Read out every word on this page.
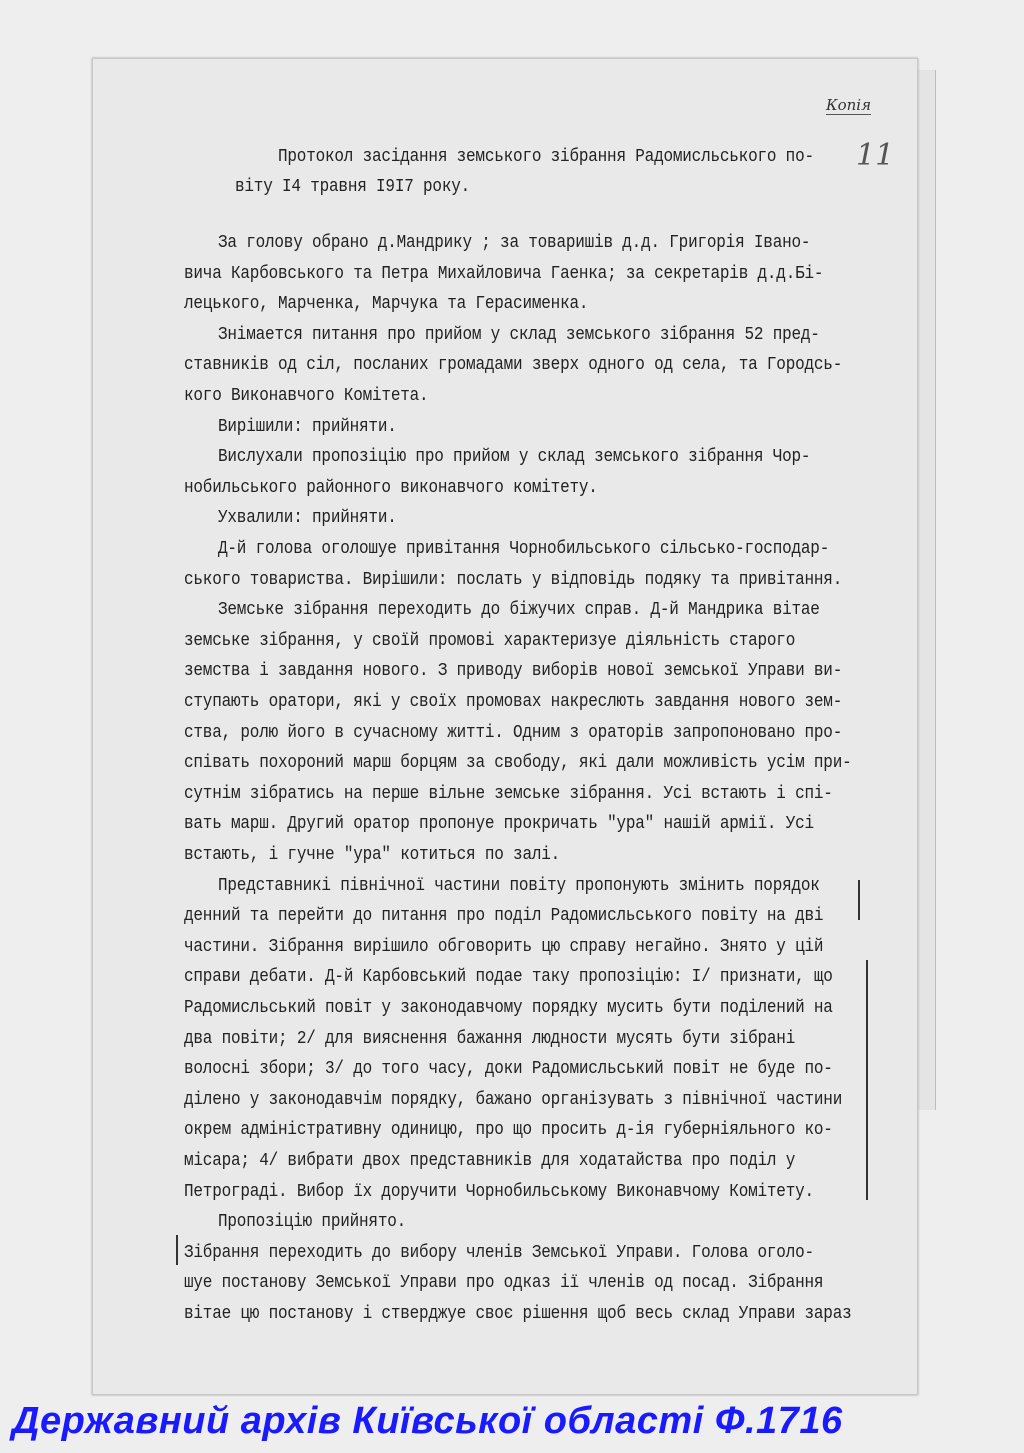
Копія
11
Протокол засідання земського зібрання Радомисльського по-
віту I4 травня I9I7 року.
За голову обрано д.Мандрику ; за товаришів д.д. Григорія Івано-
вича Карбовського та Петра Михайловича Гаенка; за секретарів д.д.Бі-
лецького, Марченка, Марчука та Герасименка.
Знімается питання про прийом у склад земського зібрання 52 пред-
ставників од сіл, посланих громадами зверх одного од села, та Городсь-
кого Виконавчого Комітета.
Вирішили: прийняти.
Вислухали пропозіцію про прийом у склад земського зібрання Чор-
нобильського районного виконавчого комітету.
Ухвалили: прийняти.
Д-й голова оголошуе привітання Чорнобильського сільсько-господар-
ського товариства. Вирішили: послать у відповідь подяку та привітання.
Земське зібрання переходить до біжучих справ. Д-й Мандрика вітае
земське зібрання, у своїй промові характеризуе діяльність старого
земства і завдання нового. З приводу виборів нової земської Управи ви-
ступають оратори, які у своїх промовах накреслють завдання нового зем-
ства, ролю його в сучасному житті. Одним з ораторів запропоновано про-
співать похороний марш борцям за свободу, які дали можливість усім при-
сутнім зібратись на перше вільне земське зібрання. Усі встають і спі-
вать марш. Другий оратор пропонуе прокричать "ура" нашій армії. Усі
встають, і гучне "ура" котиться по залі.
Представникі північної частини повіту пропонують змінить порядок
денний та перейти до питання про поділ Радомисльського повіту на дві
частини. Зібрання вирішило обговорить цю справу негайно. Знято у цій
справи дебати. Д-й Карбовський подае таку пропозіцію: I/ признати, що
Радомисльський повіт у законодавчому порядку мусить бути поділений на
два повіти; 2/ для вияснення бажання людности мусять бути зібрані
волосні збори; 3/ до того часу, доки Радомисльський повіт не буде по-
ділено у законодавчім порядку, бажано організувать з північної частини
окрем адміністративну одиницю, про що просить д-ія губерніяльного ко-
місара; 4/ вибрати двох представників для ходатайства про поділ у
Петрограді. Вибор їх доручити Чорнобильському Виконавчому Комітету.
Пропозіцію прийнято.
Зібрання переходить до вибору членів Земської Управи. Голова оголо-
шуе постанову Земської Управи про одказ ії членів од посад. Зібрання
вітае цю постанову і стверджуе своє рішення щоб весь склад Управи зараз
Державний архів Київської області Ф.1716
